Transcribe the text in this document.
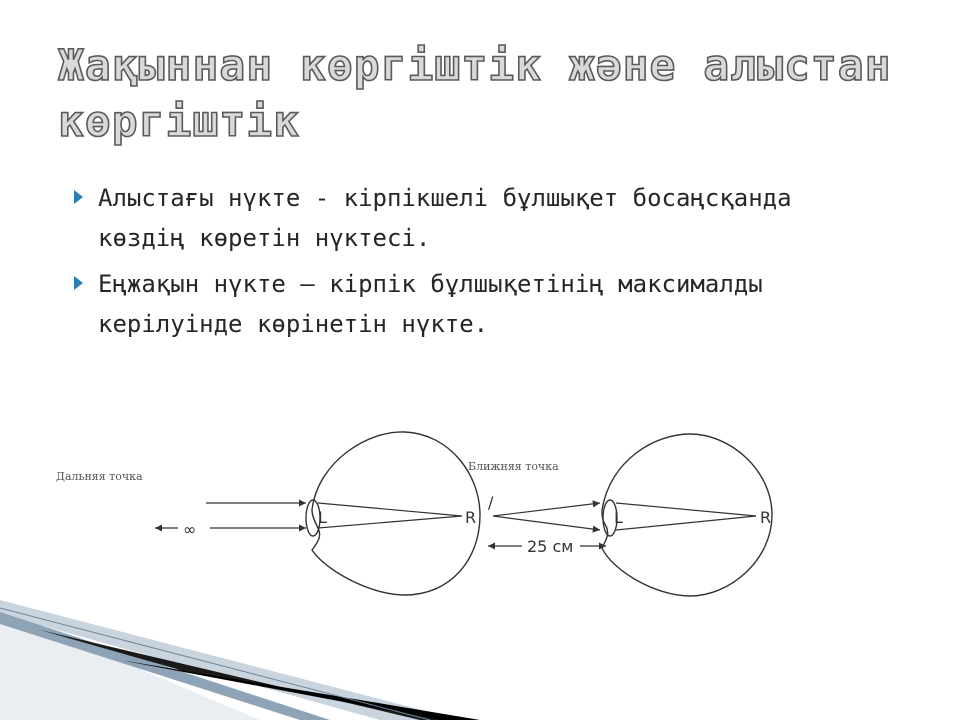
Жақыннан көргіштік және алыстан көргіштік
Алыстағы нүкте - кірпікшелі бұлшықет босаңсқанда көздің көретін нүктесі.
Еңжақын нүкте – кірпік бұлшықетінің максималды керілуінде көрінетін нүкте.
Дальняя точка
∞
L	R
Ближняя точка
/
25 см
L	R
